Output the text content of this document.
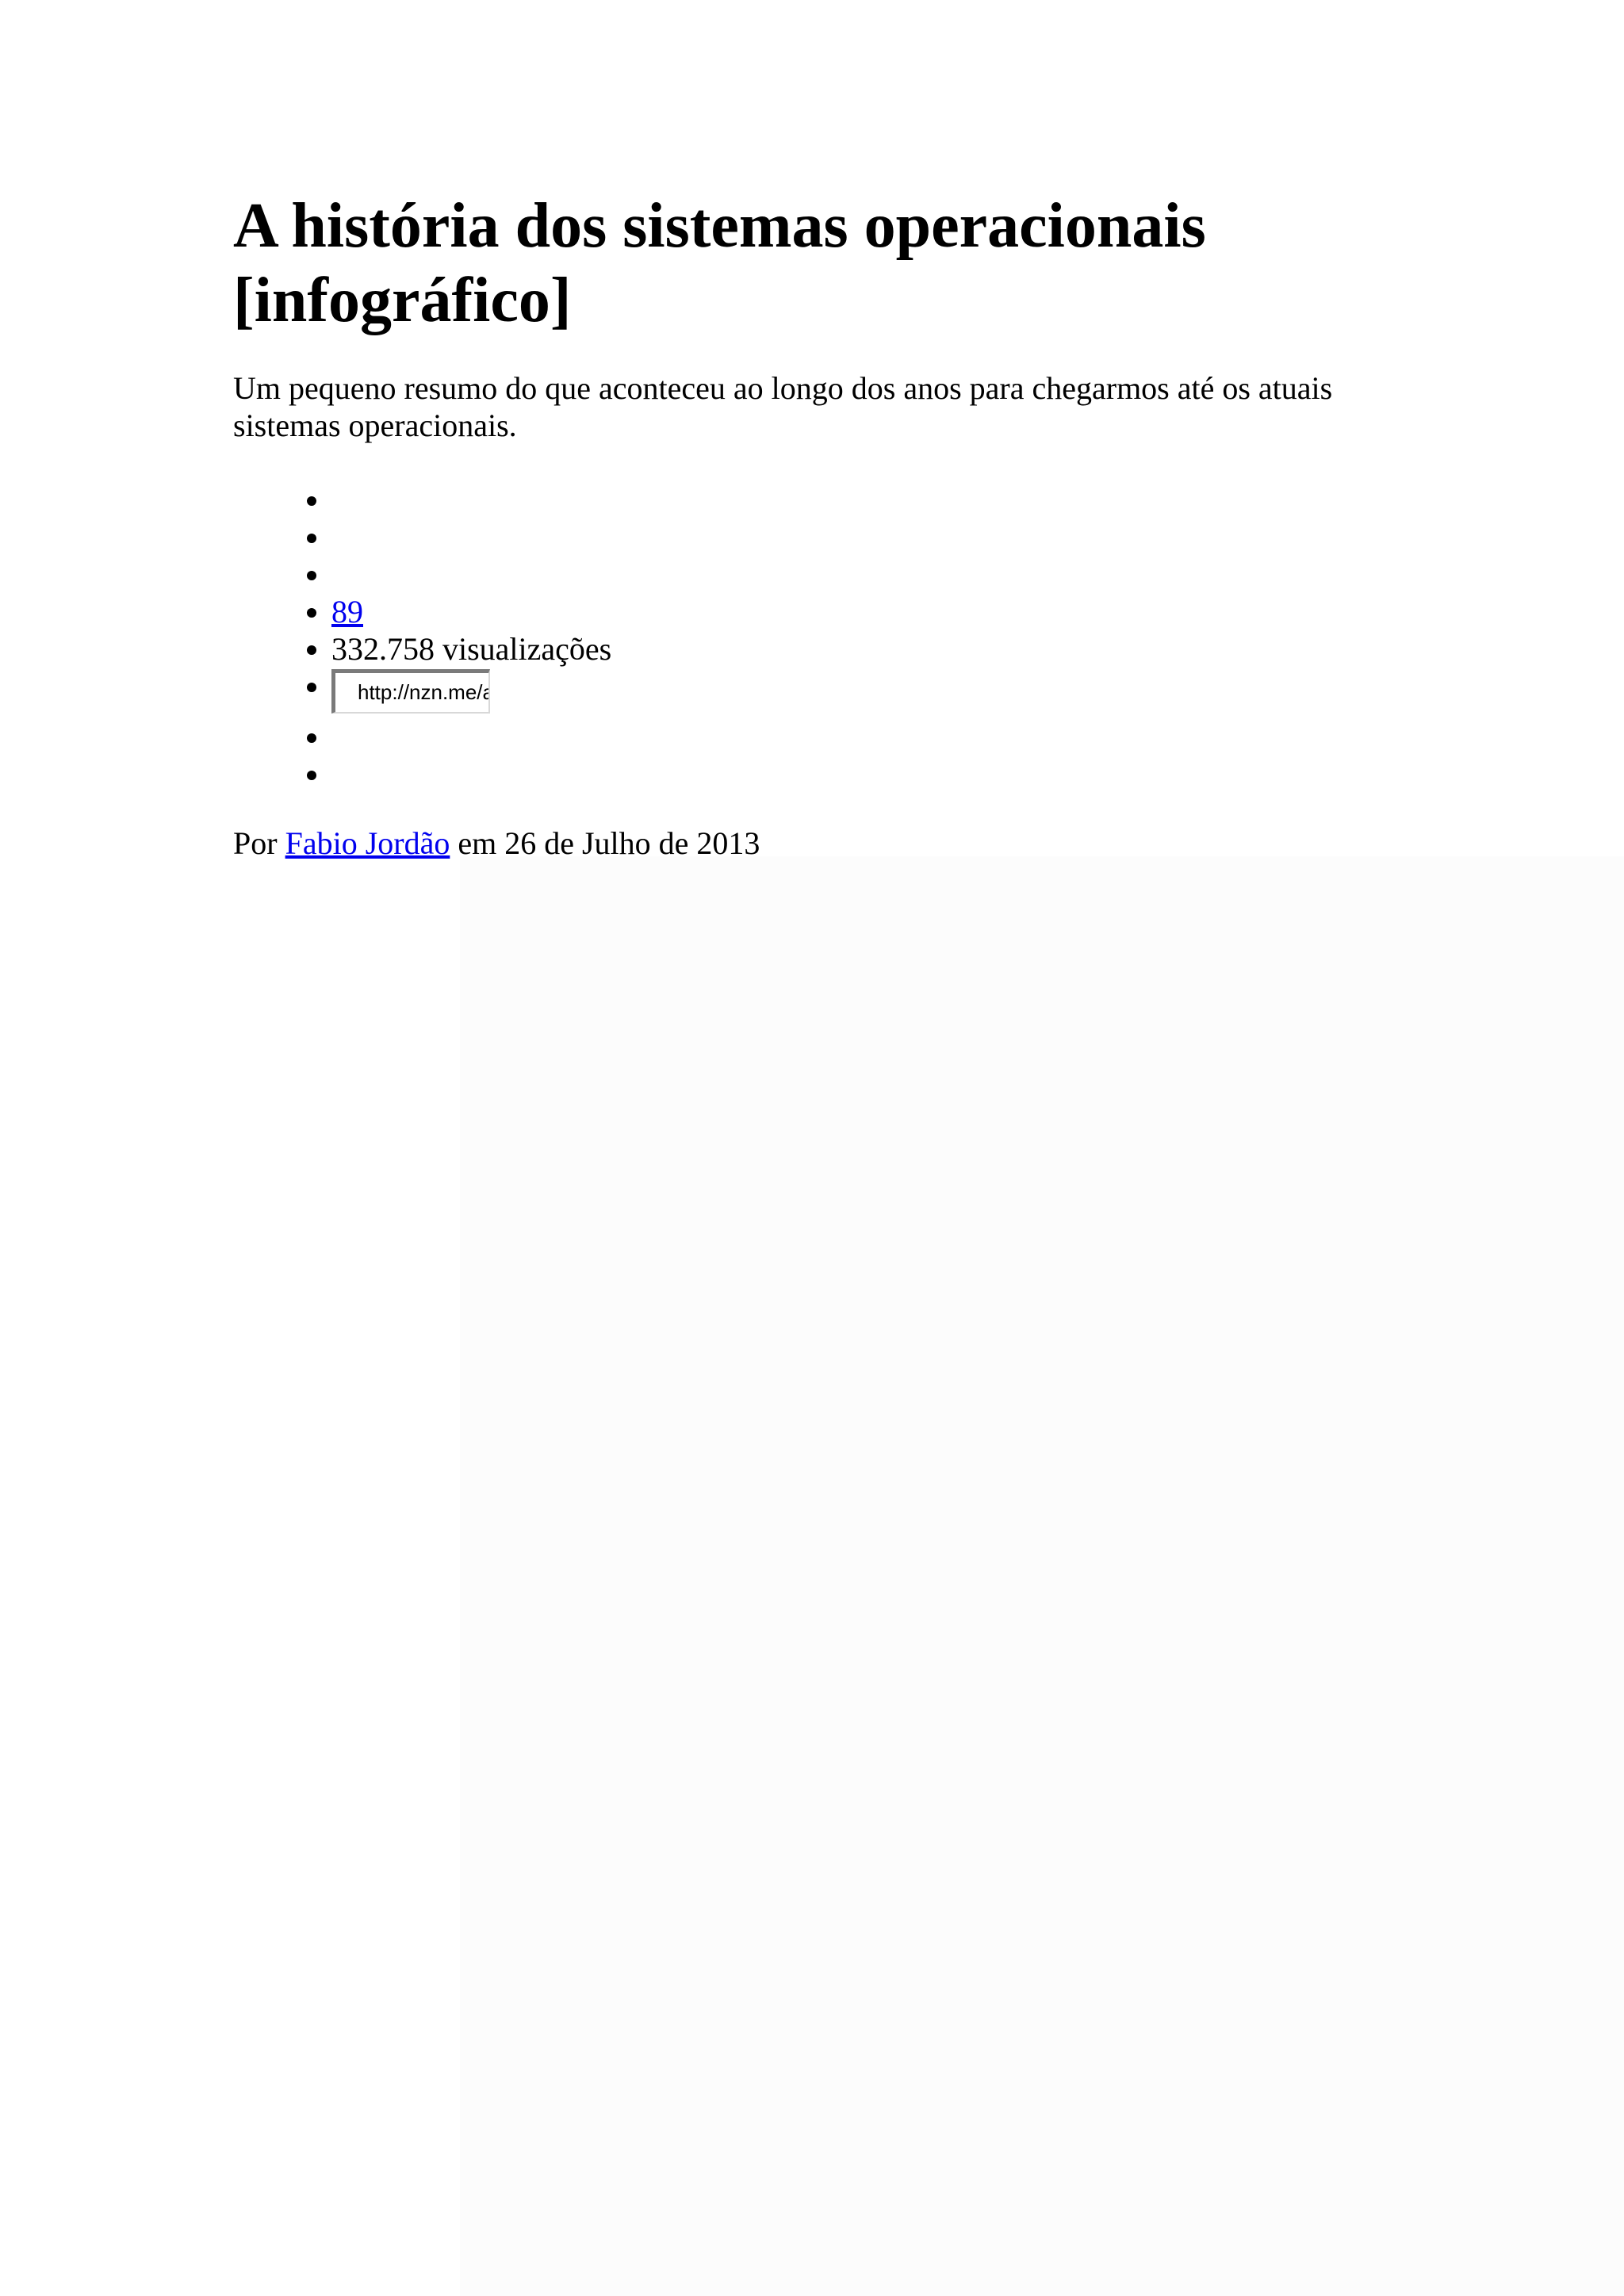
A história dos sistemas operacionais [infográfico]

Um pequeno resumo do que aconteceu ao longo dos anos para chegarmos até os atuais sistemas operacionais.

•
•
•
• 89
• 332.758 visualizações
• http://nzn.me/a
•
•

Por Fabio Jordão em 26 de Julho de 2013
